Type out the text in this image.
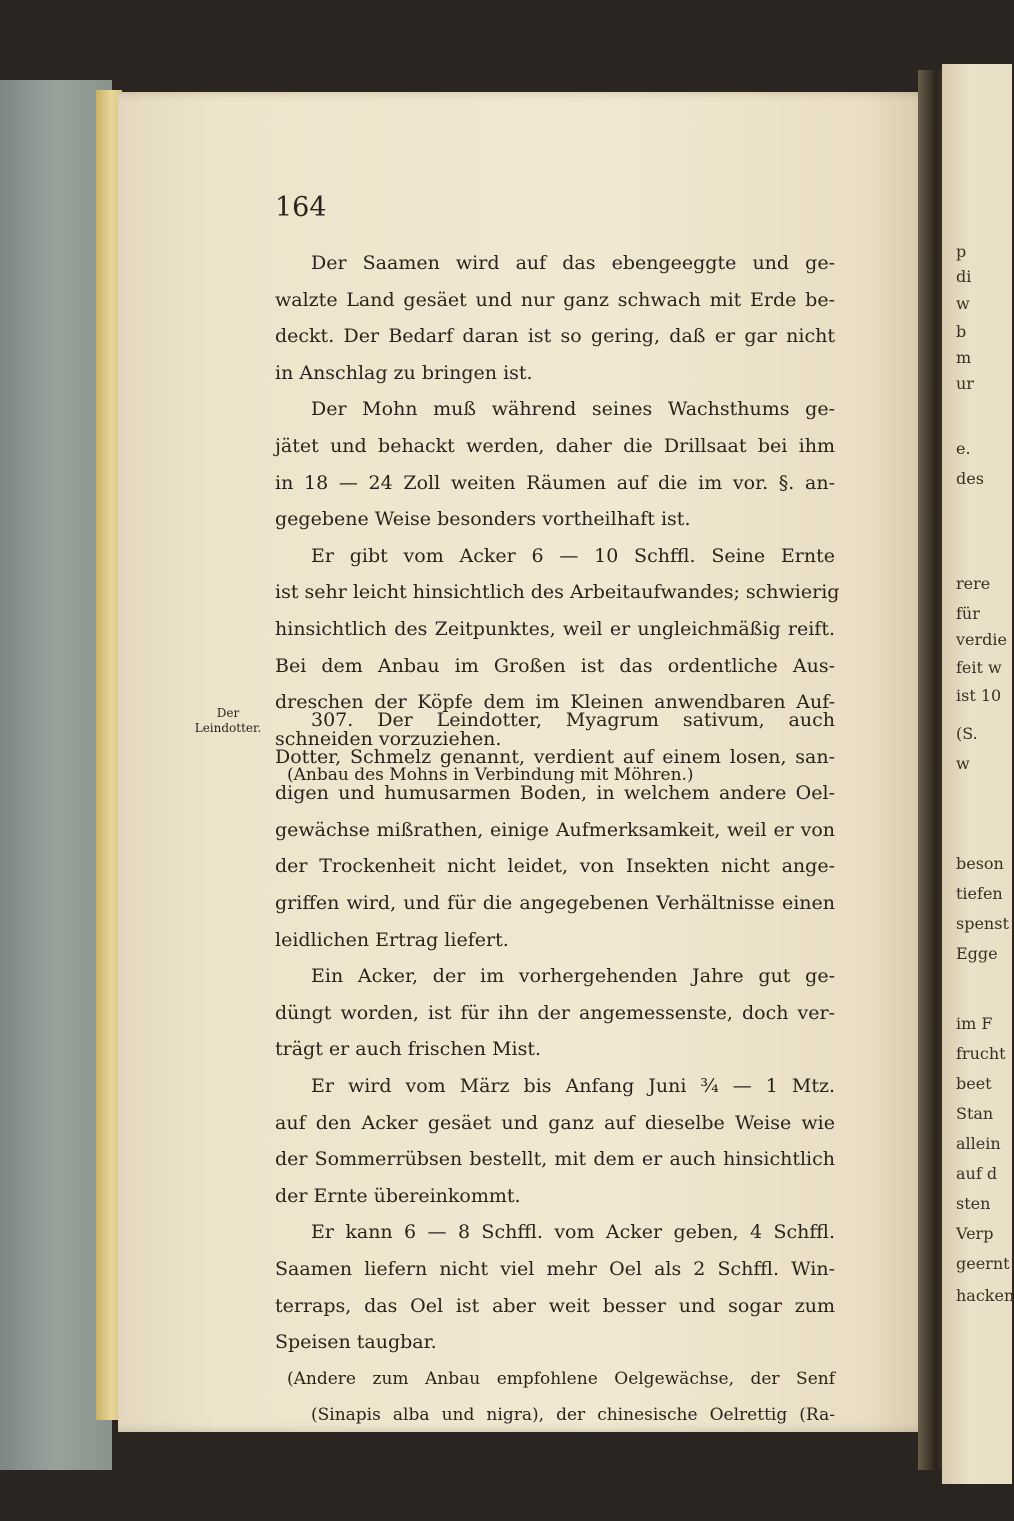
p
di
w
b
m
ur
e.
des
rere
für
verdie
feit w
ist 10
(S.
w
beson
tiefen
spenst
Egge
im F
frucht
beet
Stan
allein
auf d
sten
Verp
geernt
hacken
164
Der
Leindotter.
Der Saamen wird auf das ebengeeggte und ge-
walzte Land gesäet und nur ganz schwach mit Erde be-
deckt. Der Bedarf daran ist so gering, daß er gar nicht
in Anschlag zu bringen ist.
Der Mohn muß während seines Wachsthums ge-
jätet und behackt werden, daher die Drillsaat bei ihm
in 18 — 24 Zoll weiten Räumen auf die im vor. §. an-
gegebene Weise besonders vortheilhaft ist.
Er gibt vom Acker 6 — 10 Schffl. Seine Ernte
ist sehr leicht hinsichtlich des Arbeitaufwandes; schwierig
hinsichtlich des Zeitpunktes, weil er ungleichmäßig reift.
Bei dem Anbau im Großen ist das ordentliche Aus-
dreschen der Köpfe dem im Kleinen anwendbaren Auf-
schneiden vorzuziehen.
(Anbau des Mohns in Verbindung mit Möhren.)
307. Der Leindotter, Myagrum sativum, auch
Dotter, Schmelz genannt, verdient auf einem losen, san-
digen und humusarmen Boden, in welchem andere Oel-
gewächse mißrathen, einige Aufmerksamkeit, weil er von
der Trockenheit nicht leidet, von Insekten nicht ange-
griffen wird, und für die angegebenen Verhältnisse einen
leidlichen Ertrag liefert.
Ein Acker, der im vorhergehenden Jahre gut ge-
düngt worden, ist für ihn der angemessenste, doch ver-
trägt er auch frischen Mist.
Er wird vom März bis Anfang Juni ¾ — 1 Mtz.
auf den Acker gesäet und ganz auf dieselbe Weise wie
der Sommerrübsen bestellt, mit dem er auch hinsichtlich
der Ernte übereinkommt.
Er kann 6 — 8 Schffl. vom Acker geben, 4 Schffl.
Saamen liefern nicht viel mehr Oel als 2 Schffl. Win-
terraps, das Oel ist aber weit besser und sogar zum
Speisen taugbar.
(Andere zum Anbau empfohlene Oelgewächse, der Senf
(Sinapis alba und nigra), der chinesische Oelrettig (Ra-
